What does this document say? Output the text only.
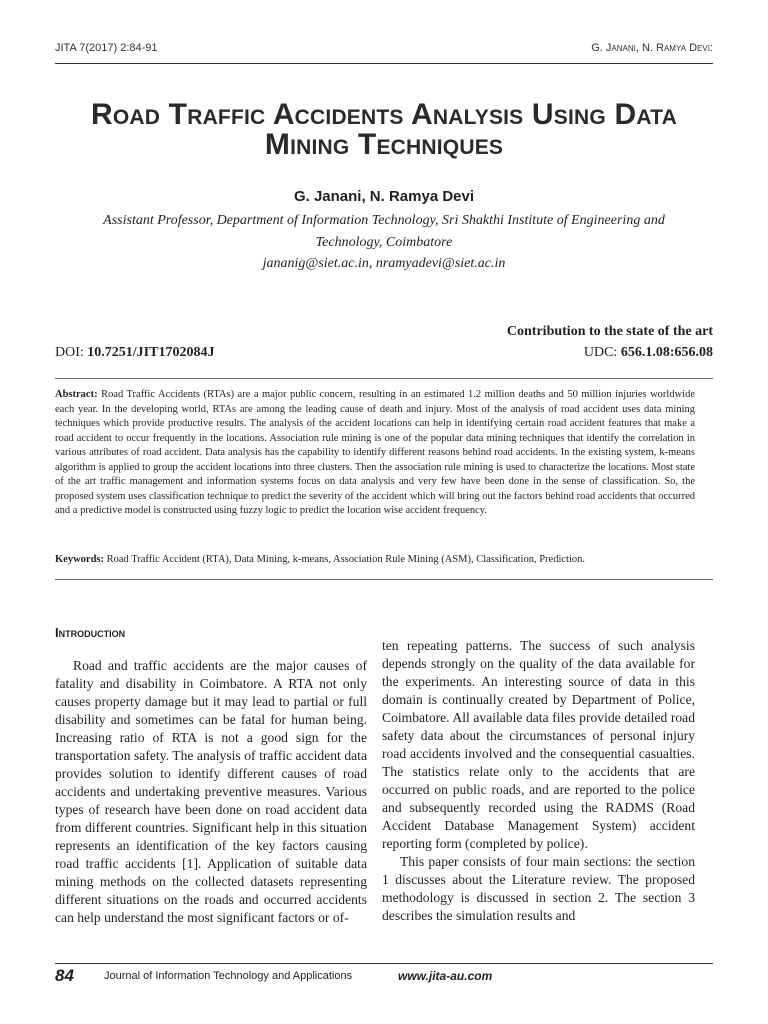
JITA 7(2017) 2:84-91	G. Janani, N. Ramya Devi:
Road Traffic Accidents Analysis Using Data
Mining Techniques
G. Janani, N. Ramya Devi
Assistant Professor, Department of Information Technology, Sri Shakthi Institute of Engineering and Technology, Coimbatore
jananig@siet.ac.in, nramyadevi@siet.ac.in
Contribution to the state of the art
DOI: 10.7251/JIT1702084J	UDC: 656.1.08:656.08
Abstract: Road Traffic Accidents (RTAs) are a major public concern, resulting in an estimated 1.2 million deaths and 50 million injuries worldwide each year. In the developing world, RTAs are among the leading cause of death and injury. Most of the analysis of road accident uses data mining techniques which provide productive results. The analysis of the accident locations can help in identifying certain road accident features that make a road accident to occur frequently in the locations. Association rule mining is one of the popular data mining techniques that identify the correlation in various attributes of road accident. Data analysis has the capability to identify different reasons behind road accidents. In the existing system, k-means algorithm is applied to group the accident locations into three clusters. Then the association rule mining is used to characterize the locations. Most state of the art traffic management and information systems focus on data analysis and very few have been done in the sense of classification. So, the proposed system uses classification technique to predict the severity of the accident which will bring out the factors behind road accidents that occurred and a predictive model is constructed using fuzzy logic to predict the location wise accident frequency.
Keywords: Road Traffic Accident (RTA), Data Mining, k-means, Association Rule Mining (ASM), Classification, Prediction.
Introduction

Road and traffic accidents are the major causes of fatality and disability in Coimbatore. A RTA not only causes property damage but it may lead to partial or full disability and sometimes can be fatal for human being. Increasing ratio of RTA is not a good sign for the transportation safety. The analysis of traffic accident data provides solution to identify different causes of road accidents and undertaking preventive measures. Various types of research have been done on road accident data from different countries. Significant help in this situation represents an identification of the key factors causing road traffic accidents [1]. Application of suitable data mining methods on the collected datasets representing different situations on the roads and occurred accidents can help understand the most significant factors or of-

ten repeating patterns. The success of such analysis depends strongly on the quality of the data available for the experiments. An interesting source of data in this domain is continually created by Department of Police, Coimbatore. All available data files provide detailed road safety data about the circumstances of personal injury road accidents involved and the consequential casualties. The statistics relate only to the accidents that are occurred on public roads, and are reported to the police and subsequently recorded using the RADMS (Road Accident Database Management System) accident reporting form (completed by police).

This paper consists of four main sections: the section 1 discusses about the Literature review. The proposed methodology is discussed in section 2. The section 3 describes the simulation results and

84	Journal of Information Technology and Applications	www.jita-au.com
